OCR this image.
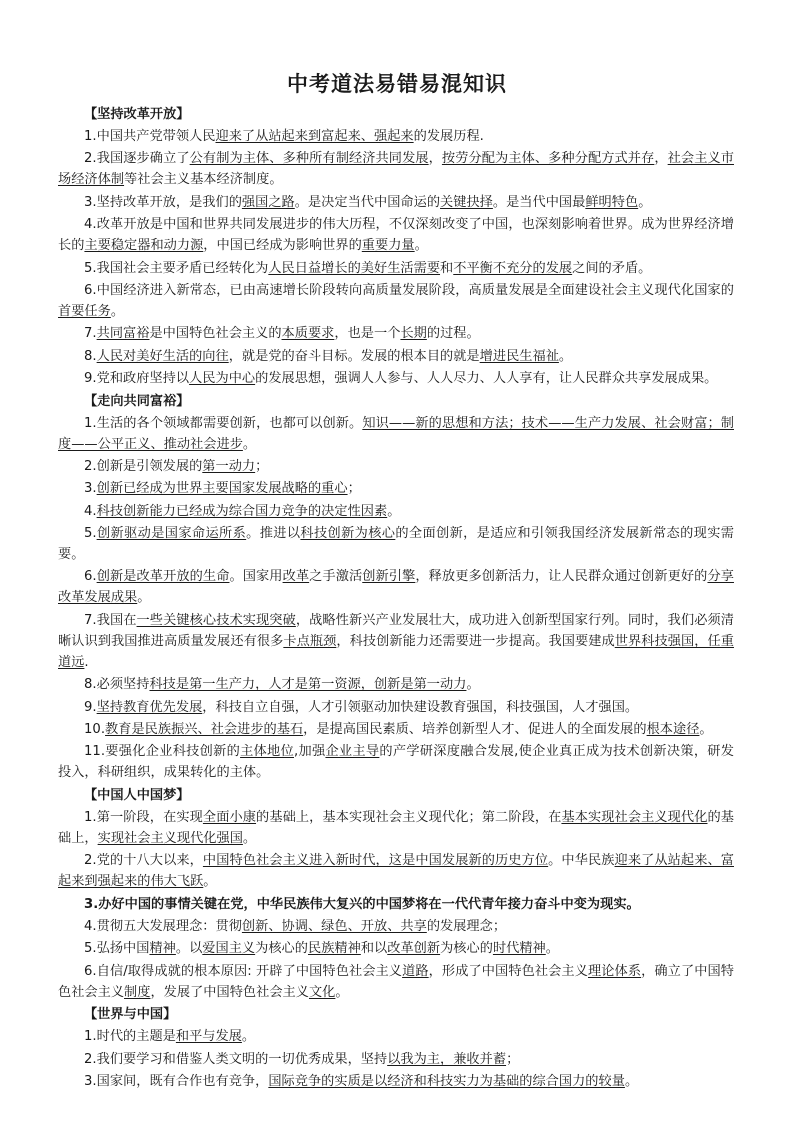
中考道法易错易混知识
【坚持改革开放】
1.中国共产党带领人民迎来了从站起来到富起来、强起来的发展历程.
2.我国逐步确立了公有制为主体、多种所有制经济共同发展，按劳分配为主体、多种分配方式并存，社会主义市场经济体制等社会主义基本经济制度。
3.坚持改革开放，是我们的强国之路。是决定当代中国命运的关键抉择。是当代中国最鲜明特色。
4.改革开放是中国和世界共同发展进步的伟大历程，不仅深刻改变了中国，也深刻影响着世界。成为世界经济增长的主要稳定器和动力源，中国已经成为影响世界的重要力量。
5.我国社会主要矛盾已经转化为人民日益增长的美好生活需要和不平衡不充分的发展之间的矛盾。
6.中国经济进入新常态，已由高速增长阶段转向高质量发展阶段，高质量发展是全面建设社会主义现代化国家的首要任务。
7.共同富裕是中国特色社会主义的本质要求，也是一个长期的过程。
8.人民对美好生活的向往，就是党的奋斗目标。发展的根本目的就是增进民生福祉。
9.党和政府坚持以人民为中心的发展思想，强调人人参与、人人尽力、人人享有，让人民群众共享发展成果。
【走向共同富裕】
1.生活的各个领域都需要创新，也都可以创新。知识——新的思想和方法；技术——生产力发展、社会财富；制度——公平正义、推动社会进步。
2.创新是引领发展的第一动力；
3.创新已经成为世界主要国家发展战略的重心；
4.科技创新能力已经成为综合国力竞争的决定性因素。
5.创新驱动是国家命运所系。推进以科技创新为核心的全面创新，是适应和引领我国经济发展新常态的现实需要。
6.创新是改革开放的生命。国家用改革之手激活创新引擎，释放更多创新活力，让人民群众通过创新更好的分享改革发展成果。
7.我国在一些关键核心技术实现突破，战略性新兴产业发展壮大，成功进入创新型国家行列。同时，我们必须清晰认识到我国推进高质量发展还有很多卡点瓶颈，科技创新能力还需要进一步提高。我国要建成世界科技强国，任重道远.
8.必须坚持科技是第一生产力，人才是第一资源，创新是第一动力。
9.坚持教育优先发展，科技自立自强，人才引领驱动加快建设教育强国，科技强国，人才强国。
10.教育是民族振兴、社会进步的基石，是提高国民素质、培养创新型人才、促进人的全面发展的根本途径。
11.要强化企业科技创新的主体地位,加强企业主导的产学研深度融合发展,使企业真正成为技术创新决策，研发投入，科研组织，成果转化的主体。
【中国人中国梦】
1.第一阶段，在实现全面小康的基础上，基本实现社会主义现代化；第二阶段，在基本实现社会主义现代化的基础上，实现社会主义现代化强国。
2.党的十八大以来，中国特色社会主义进入新时代，这是中国发展新的历史方位。中华民族迎来了从站起来、富起来到强起来的伟大飞跃。
3.办好中国的事情关键在党，中华民族伟大复兴的中国梦将在一代代青年接力奋斗中变为现实。
4.贯彻五大发展理念：贯彻创新、协调、绿色、开放、共享的发展理念；
5.弘扬中国精神。以爱国主义为核心的民族精神和以改革创新为核心的时代精神。
6.自信/取得成就的根本原因: 开辟了中国特色社会主义道路，形成了中国特色社会主义理论体系，确立了中国特色社会主义制度，发展了中国特色社会主义文化。
【世界与中国】
1.时代的主题是和平与发展。
2.我们要学习和借鉴人类文明的一切优秀成果，坚持以我为主，兼收并蓄；
3.国家间，既有合作也有竞争，国际竞争的实质是以经济和科技实力为基础的综合国力的较量。
